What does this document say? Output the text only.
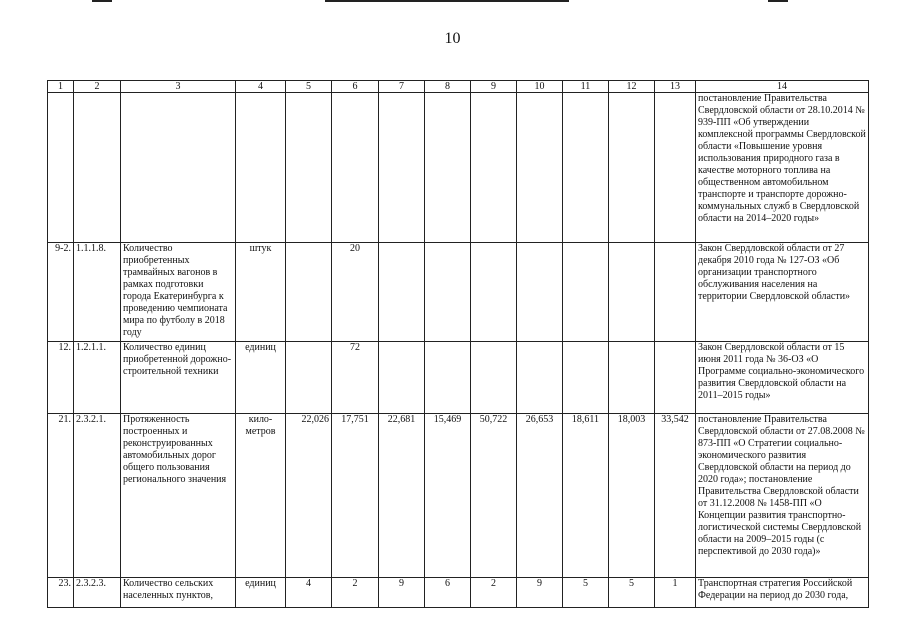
10
1	2	3	4	5	6	7	8	9	10	11	12	13	14
													постановление Правительства Свердловской области от 28.10.2014 № 939-ПП «Об утверждении комплексной программы Свердловской области «Повышение уровня использования природного газа в качестве моторного топлива на общественном автомобильном транспорте и транспорте дорожно-коммунальных служб в Свердловской области на 2014–2020 годы»
9-2.	1.1.1.8.	Количество приобретенных трамвайных вагонов в рамках подготовки города Екатеринбурга к проведению чемпионата мира по футболу в 2018 году	штук		20								Закон Свердловской области от 27 декабря 2010 года № 127-ОЗ «Об организации транспортного обслуживания населения на территории Свердловской области»
12.	1.2.1.1.	Количество единиц приобретенной дорожно-строительной техники	единиц		72								Закон Свердловской области от 15 июня 2011 года № 36-ОЗ «О Программе социально-экономического развития Свердловской области на 2011–2015 годы»
21.	2.3.2.1.	Протяженность построенных и реконструированных автомобильных дорог общего пользования регионального значения	кило-метров	22,026	17,751	22,681	15,469	50,722	26,653	18,611	18,003	33,542	постановление Правительства Свердловской области от 27.08.2008 № 873-ПП «О Стратегии социально-экономического развития Свердловской области на период до 2020 года»; постановление Правительства Свердловской области от 31.12.2008 № 1458-ПП «О Концепции развития транспортно-логистической системы Свердловской области на 2009–2015 годы (с перспективой до 2030 года)»
23.	2.3.2.3.	Количество сельских населенных пунктов,	единиц	4	2	9	6	2	9	5	5	1	Транспортная стратегия Российской Федерации на период до 2030 года,
